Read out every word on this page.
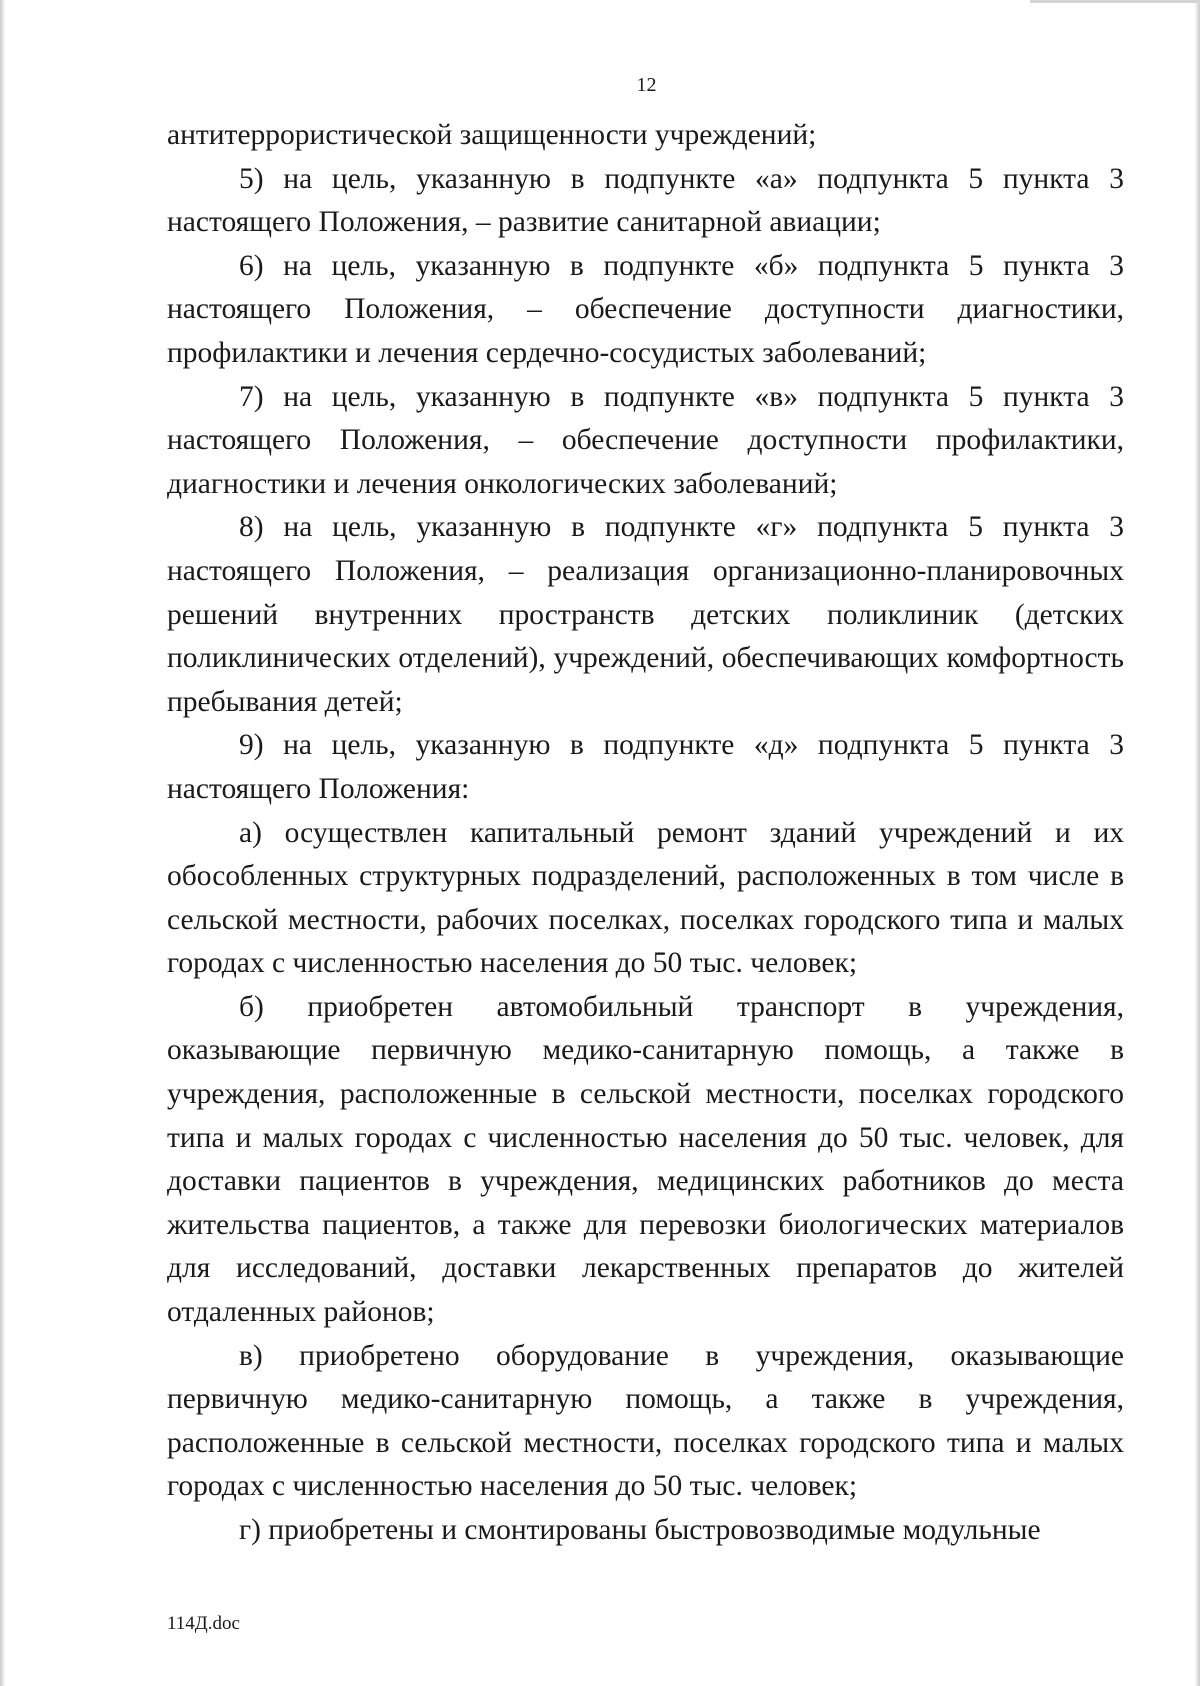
12

антитеррористической защищенности учреждений;

5) на цель, указанную в подпункте «а» подпункта 5 пункта 3 настоящего Положения, – развитие санитарной авиации;

6) на цель, указанную в подпункте «б» подпункта 5 пункта 3 настоящего Положения, – обеспечение доступности диагностики, профилактики и лечения сердечно-сосудистых заболеваний;

7) на цель, указанную в подпункте «в» подпункта 5 пункта 3 настоящего Положения, – обеспечение доступности профилактики, диагностики и лечения онкологических заболеваний;

8) на цель, указанную в подпункте «г» подпункта 5 пункта 3 настоящего Положения, – реализация организационно-планировочных решений внутренних пространств детских поликлиник (детских поликлинических отделений), учреждений, обеспечивающих комфортность пребывания детей;

9) на цель, указанную в подпункте «д» подпункта 5 пункта 3 настоящего Положения:

а) осуществлен капитальный ремонт зданий учреждений и их обособленных структурных подразделений, расположенных в том числе в сельской местности, рабочих поселках, поселках городского типа и малых городах с численностью населения до 50 тыс. человек;

б) приобретен автомобильный транспорт в учреждения, оказывающие первичную медико-санитарную помощь, а также в учреждения, расположенные в сельской местности, поселках городского типа и малых городах с численностью населения до 50 тыс. человек, для доставки пациентов в учреждения, медицинских работников до места жительства пациентов, а также для перевозки биологических материалов для исследований, доставки лекарственных препаратов до жителей отдаленных районов;

в) приобретено оборудование в учреждения, оказывающие первичную медико-санитарную помощь, а также в учреждения, расположенные в сельской местности, поселках городского типа и малых городах с численностью населения до 50 тыс. человек;

г) приобретены и смонтированы быстровозводимые модульные

114Д.doc
